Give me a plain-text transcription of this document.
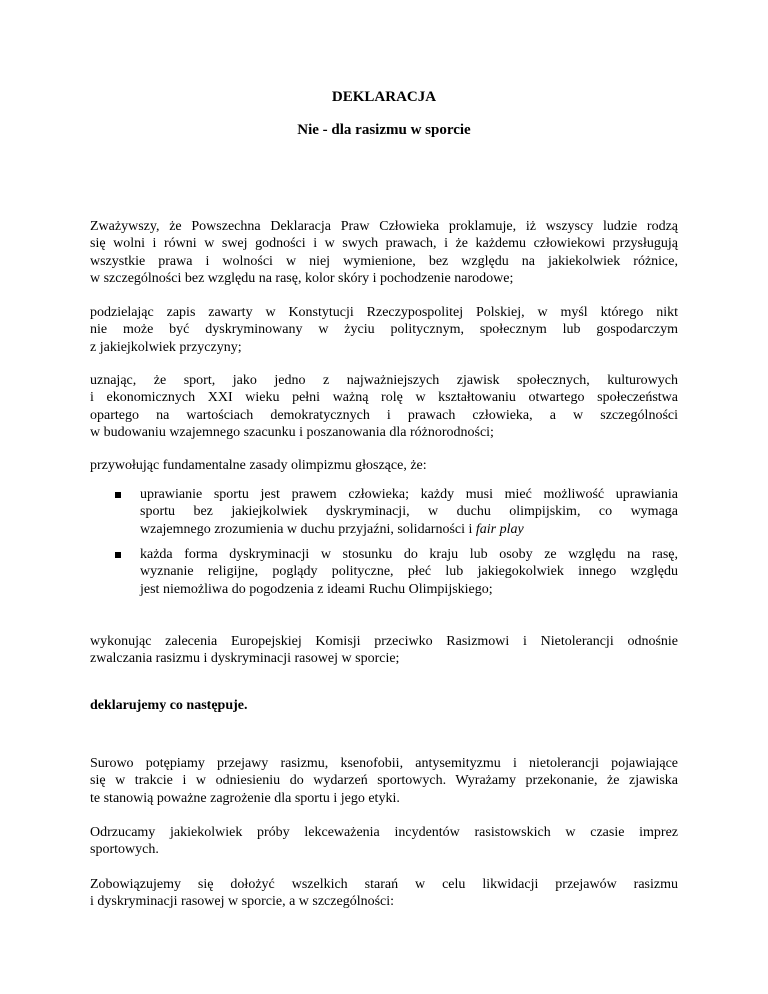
DEKLARACJA
Nie - dla rasizmu w sporcie
Zważywszy, że Powszechna Deklaracja Praw Człowieka proklamuje, iż wszyscy ludzie rodzą
się wolni i równi w swej godności i w swych prawach, i że każdemu człowiekowi przysługują
wszystkie prawa i wolności w niej wymienione, bez względu na jakiekolwiek różnice,
w szczególności bez względu na rasę, kolor skóry i pochodzenie narodowe;
podzielając zapis zawarty w Konstytucji Rzeczypospolitej Polskiej, w myśl którego nikt
nie może być dyskryminowany w życiu politycznym, społecznym lub gospodarczym
z jakiejkolwiek przyczyny;
uznając, że sport, jako jedno z najważniejszych zjawisk społecznych, kulturowych
i ekonomicznych XXI wieku pełni ważną rolę w kształtowaniu otwartego społeczeństwa
opartego na wartościach demokratycznych i prawach człowieka, a w szczególności
w budowaniu wzajemnego szacunku i poszanowania dla różnorodności;
przywołując fundamentalne zasady olimpizmu głoszące, że:
uprawianie sportu jest prawem człowieka; każdy musi mieć możliwość uprawiania
sportu bez jakiejkolwiek dyskryminacji, w duchu olimpijskim, co wymaga
wzajemnego zrozumienia w duchu przyjaźni, solidarności i fair play
każda forma dyskryminacji w stosunku do kraju lub osoby ze względu na rasę,
wyznanie religijne, poglądy polityczne, płeć lub jakiegokolwiek innego względu
jest niemożliwa do pogodzenia z ideami Ruchu Olimpijskiego;
wykonując zalecenia Europejskiej Komisji przeciwko Rasizmowi i Nietolerancji odnośnie
zwalczania rasizmu i dyskryminacji rasowej w sporcie;
deklarujemy co następuje.
Surowo potępiamy przejawy rasizmu, ksenofobii, antysemityzmu i nietolerancji pojawiające
się w trakcie i w odniesieniu do wydarzeń sportowych. Wyrażamy przekonanie, że zjawiska
te stanowią poważne zagrożenie dla sportu i jego etyki.
Odrzucamy jakiekolwiek próby lekceważenia incydentów rasistowskich w czasie imprez
sportowych.
Zobowiązujemy się dołożyć wszelkich starań w celu likwidacji przejawów rasizmu
i dyskryminacji rasowej w sporcie, a w szczególności:
